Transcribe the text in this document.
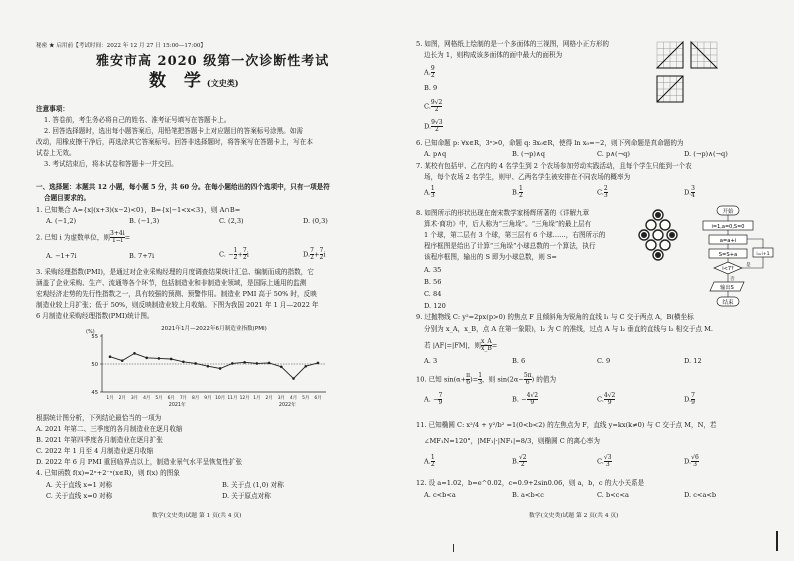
秘密 ★ 启用前【考试时间：2022 年 12 月 27 日 15:00—17:00】
雅安市高 2020 级第一次诊断性考试
数 学(文史类)
注意事项：
1. 答卷前，考生务必将自己的姓名、准考证号填写在答题卡上。
2. 回答选择题时，选出每小题答案后，用铅笔把答题卡上对应题目的答案标号涂黑。如需
改动，用橡皮擦干净后，再选涂其它答案标号。回答非选择题时，将答案写在答题卡上，写在本
试卷上无效。
3. 考试结束后，将本试卷和答题卡一并交回。
一、选择题：本题共 12 小题，每小题 5 分，共 60 分。在每小题给出的四个选项中，只有一项是符
合题目要求的。
1. 已知集合 A={x|(x+3)(x−2)<0}，B={x|−1<x<3}，则 A∩B=
A. (−1,2)	B. (−1,3)	C. (2,3)	D. (0,3)
2. 已知 i 为虚数单位，则 $\frac{3+4i}{1-i}$ =
A. −1+7i	B. 7+7i	C. − $\frac{1}{2} + \frac{7}{2}$ i	D. $\frac{7}{2} + \frac{7}{2}$ i
3. 采购经理指数(PMI)，是通过对企业采购经理的月度调查结果统计汇总、编制而成的指数，它
涵盖了企业采购、生产、流通等各个环节，包括制造业和非制造业领域，是国际上通用的监测
宏观经济走势的先行性指数之一，具有较强的预测、预警作用。制造业 PMI 高于 50% 时，反映
制造业较上月扩张；低于 50%，则反映制造业较上月收缩。下图为我国 2021 年 1 月—2022 年
6 月制造业采购经理指数(PMI)统计图。
2021年1月—2022年6月制造业指数(PMI)
(%)
55
50
45
1月 2月 3月 4月 5月 6月 7月 8月 9月 10月 11月 12月 1月 2月 3月 4月 5月 6月
2021年	2022年
根据统计图分析，下列结论最恰当的一项为
A. 2021 年第二、三季度的各月制造业在逐月收缩
B. 2021 年第四季度各月制造业在逐月扩张
C. 2022 年 1 月至 4 月制造业逐月收缩
D. 2022 年 6 月 PMI 重回临界点以上，制造业景气水平呈恢复性扩张
4. 已知函数 f(x)=2ˣ+2⁻ˣ(x∈R)，则 f(x) 的图象
A. 关于直线 x=1 对称	B. 关于点 (1,0) 对称
C. 关于直线 x=0 对称	D. 关于原点对称
数学(文史类)试题 第 1 页(共 4 页)
5. 如图，网格纸上绘制的是一个多面体的三视图，网格小正方形的
边长为 1，则构成该多面体的面中最大的面积为
A. $\frac{9}{2}$
B. 9
C. $\frac{9√2}{2}$
D. $\frac{9√3}{2}$
6. 已知命题 p: ∀x∈R，3ˣ>0，命题 q: ∃x₀∈R，使得 ln x₀=−2，则下列命题是真命题的为
A. p∧q	B. (¬p)∧q	C. p∧(¬q)	D. (¬p)∧(¬q)
7. 某校有包括甲、乙在内的 4 名学生到 2 个农场参加劳动实践活动，且每个学生只能到一个农
场，每个农场 2 名学生，则甲、乙两名学生被安排在不同农场的概率为
A. $\frac{1}{3}$	B. $\frac{1}{2}$	C. $\frac{2}{3}$	D. $\frac{3}{4}$
8. 如图所示的形状出现在南宋数学家杨辉所著的《详解九章
算术·商功》中，后人称为“三角垛”。“三角垛”的最上层有
1 个球，第二层有 3 个球，第三层有 6 个球……，右图所示的
程序框图是给出了计算“三角垛”小球总数的一个算法，执行
该程序框图，输出的 S 即为小球总数，则 S=
A. 35
B. 56
C. 84
D. 120
开始
i=1,a=0,S=0
a=a+i
S=S+a
i<7?
是
否
i=i+1
输出S
结束
9. 过抛物线 C: y²=2px(p>0) 的焦点 F 且倾斜角为锐角的直线 l₁ 与 C 交于两点 A，B(横坐标
分别为 x_A，x_B，点 A 在第一象限)，l₂ 为 C 的准线，过点 A 与 l₂ 垂直的直线与 l₂ 相交于点 M.
若 |AF|=|FM|，则 $\frac{x\_A}{x\_B}$ =
A. 3	B. 6	C. 9	D. 12
10. 已知 $\sin(\alpha+ \frac{\pi}{6}$ )= $\frac{1}{3}$ ，则 $\sin(2\alpha- \frac{5\pi}{6}$ ) 的值为
A. − $\frac{7}{9}$	B. − $\frac{4√2}{9}$	C. $\frac{4√2}{9}$	D. $\frac{7}{9}$
11. 已知椭圆 C: x²/4 + y²/b² =1(0<b<2) 的左焦点为 F，直线 y=kx(k≠0) 与 C 交于点 M，N，若
∠MF₁N=120°，|MF₁|·|NF₁|=8/3，则椭圆 C 的离心率为
A. $\frac{1}{2}$	B. $\frac{√2}{2}$	C. $\frac{√3}{3}$	D. $\frac{√6}{3}$
12. 设 a=1.02，b=e^0.02，c=0.9+2sin0.06，则 a，b，c 的大小关系是
A. c<b<a	B. a<b<c	C. b<c<a	D. c<a<b
数学(文史类)试题 第 2 页(共 4 页)
